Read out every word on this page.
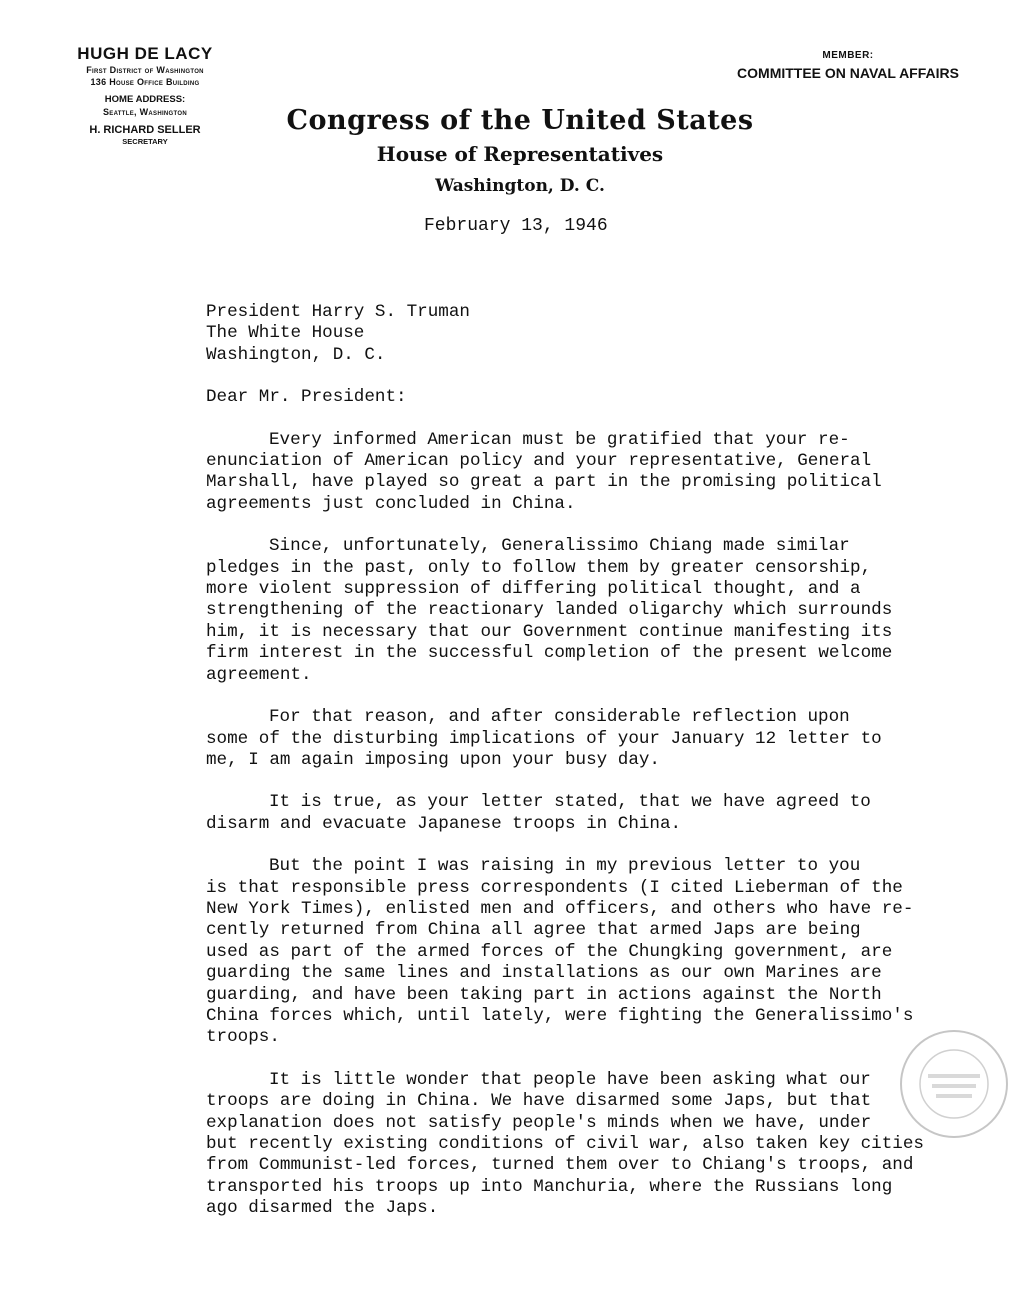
HUGH DE LACY
First District of Washington
136 House Office Building
HOME ADDRESS:
Seattle, Washington
H. RICHARD SELLER
SECRETARY
MEMBER:
COMMITTEE ON NAVAL AFFAIRS
Congress of the United States
House of Representatives
Washington, D. C.
February 13, 1946

President Harry S. Truman
The White House
Washington, D. C.

Dear Mr. President:

Every informed American must be gratified that your re-
enunciation of American policy and your representative, General
Marshall, have played so great a part in the promising political
agreements just concluded in China.

Since, unfortunately, Generalissimo Chiang made similar
pledges in the past, only to follow them by greater censorship,
more violent suppression of differing political thought, and a
strengthening of the reactionary landed oligarchy which surrounds
him, it is necessary that our Government continue manifesting its
firm interest in the successful completion of the present welcome
agreement.

For that reason, and after considerable reflection upon
some of the disturbing implications of your January 12 letter to
me, I am again imposing upon your busy day.

It is true, as your letter stated, that we have agreed to
disarm and evacuate Japanese troops in China.

But the point I was raising in my previous letter to you
is that responsible press correspondents (I cited Lieberman of the
New York Times), enlisted men and officers, and others who have re-
cently returned from China all agree that armed Japs are being
used as part of the armed forces of the Chungking government, are
guarding the same lines and installations as our own Marines are
guarding, and have been taking part in actions against the North
China forces which, until lately, were fighting the Generalissimo's
troops.

It is little wonder that people have been asking what our
troops are doing in China. We have disarmed some Japs, but that
explanation does not satisfy people's minds when we have, under
but recently existing conditions of civil war, also taken key cities
from Communist-led forces, turned them over to Chiang's troops, and
transported his troops up into Manchuria, where the Russians long
ago disarmed the Japs.
